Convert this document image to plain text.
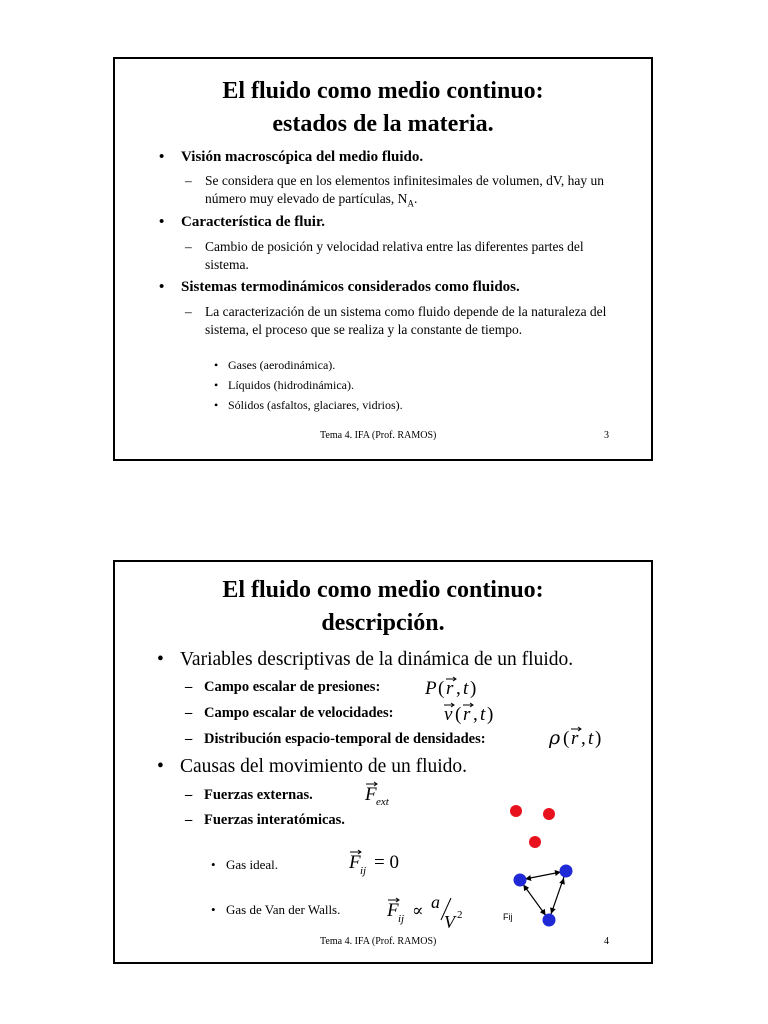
El fluido como medio continuo:
estados de la materia.
• Visión macroscópica del medio fluido.
– Se considera que en los elementos infinitesimales de volumen, dV, hay un número muy elevado de partículas, $N_A$.
• Característica de fluir.
– Cambio de posición y velocidad relativa entre las diferentes partes del sistema.
• Sistemas termodinámicos considerados como fluidos.
– La caracterización de un sistema como fluido depende de la naturaleza del sistema, el proceso que se realiza y la constante de tiempo.
• Gases (aerodinámica).
• Líquidos (hidrodinámica).
• Sólidos (asfaltos, glaciares, vidrios).
Tema 4. IFA (Prof. RAMOS)	3
El fluido como medio continuo:
descripción.
• Variables descriptivas de la dinámica de un fluido.
– Campo escalar de presiones: P ( r , t )
– Campo escalar de velocidades:	v ( r , t )
– Distribución espacio-temporal de densidades:	ρ ( r , t )
• Causas del movimiento de un fluido.
– Fuerzas externas.	F ext
– Fuerzas interatómicas.
• Gas ideal.	F ij = 0
• Gas de Van der Walls. F ij ∝ a
V 2	Fij
Tema 4. IFA (Prof. RAMOS)	4
